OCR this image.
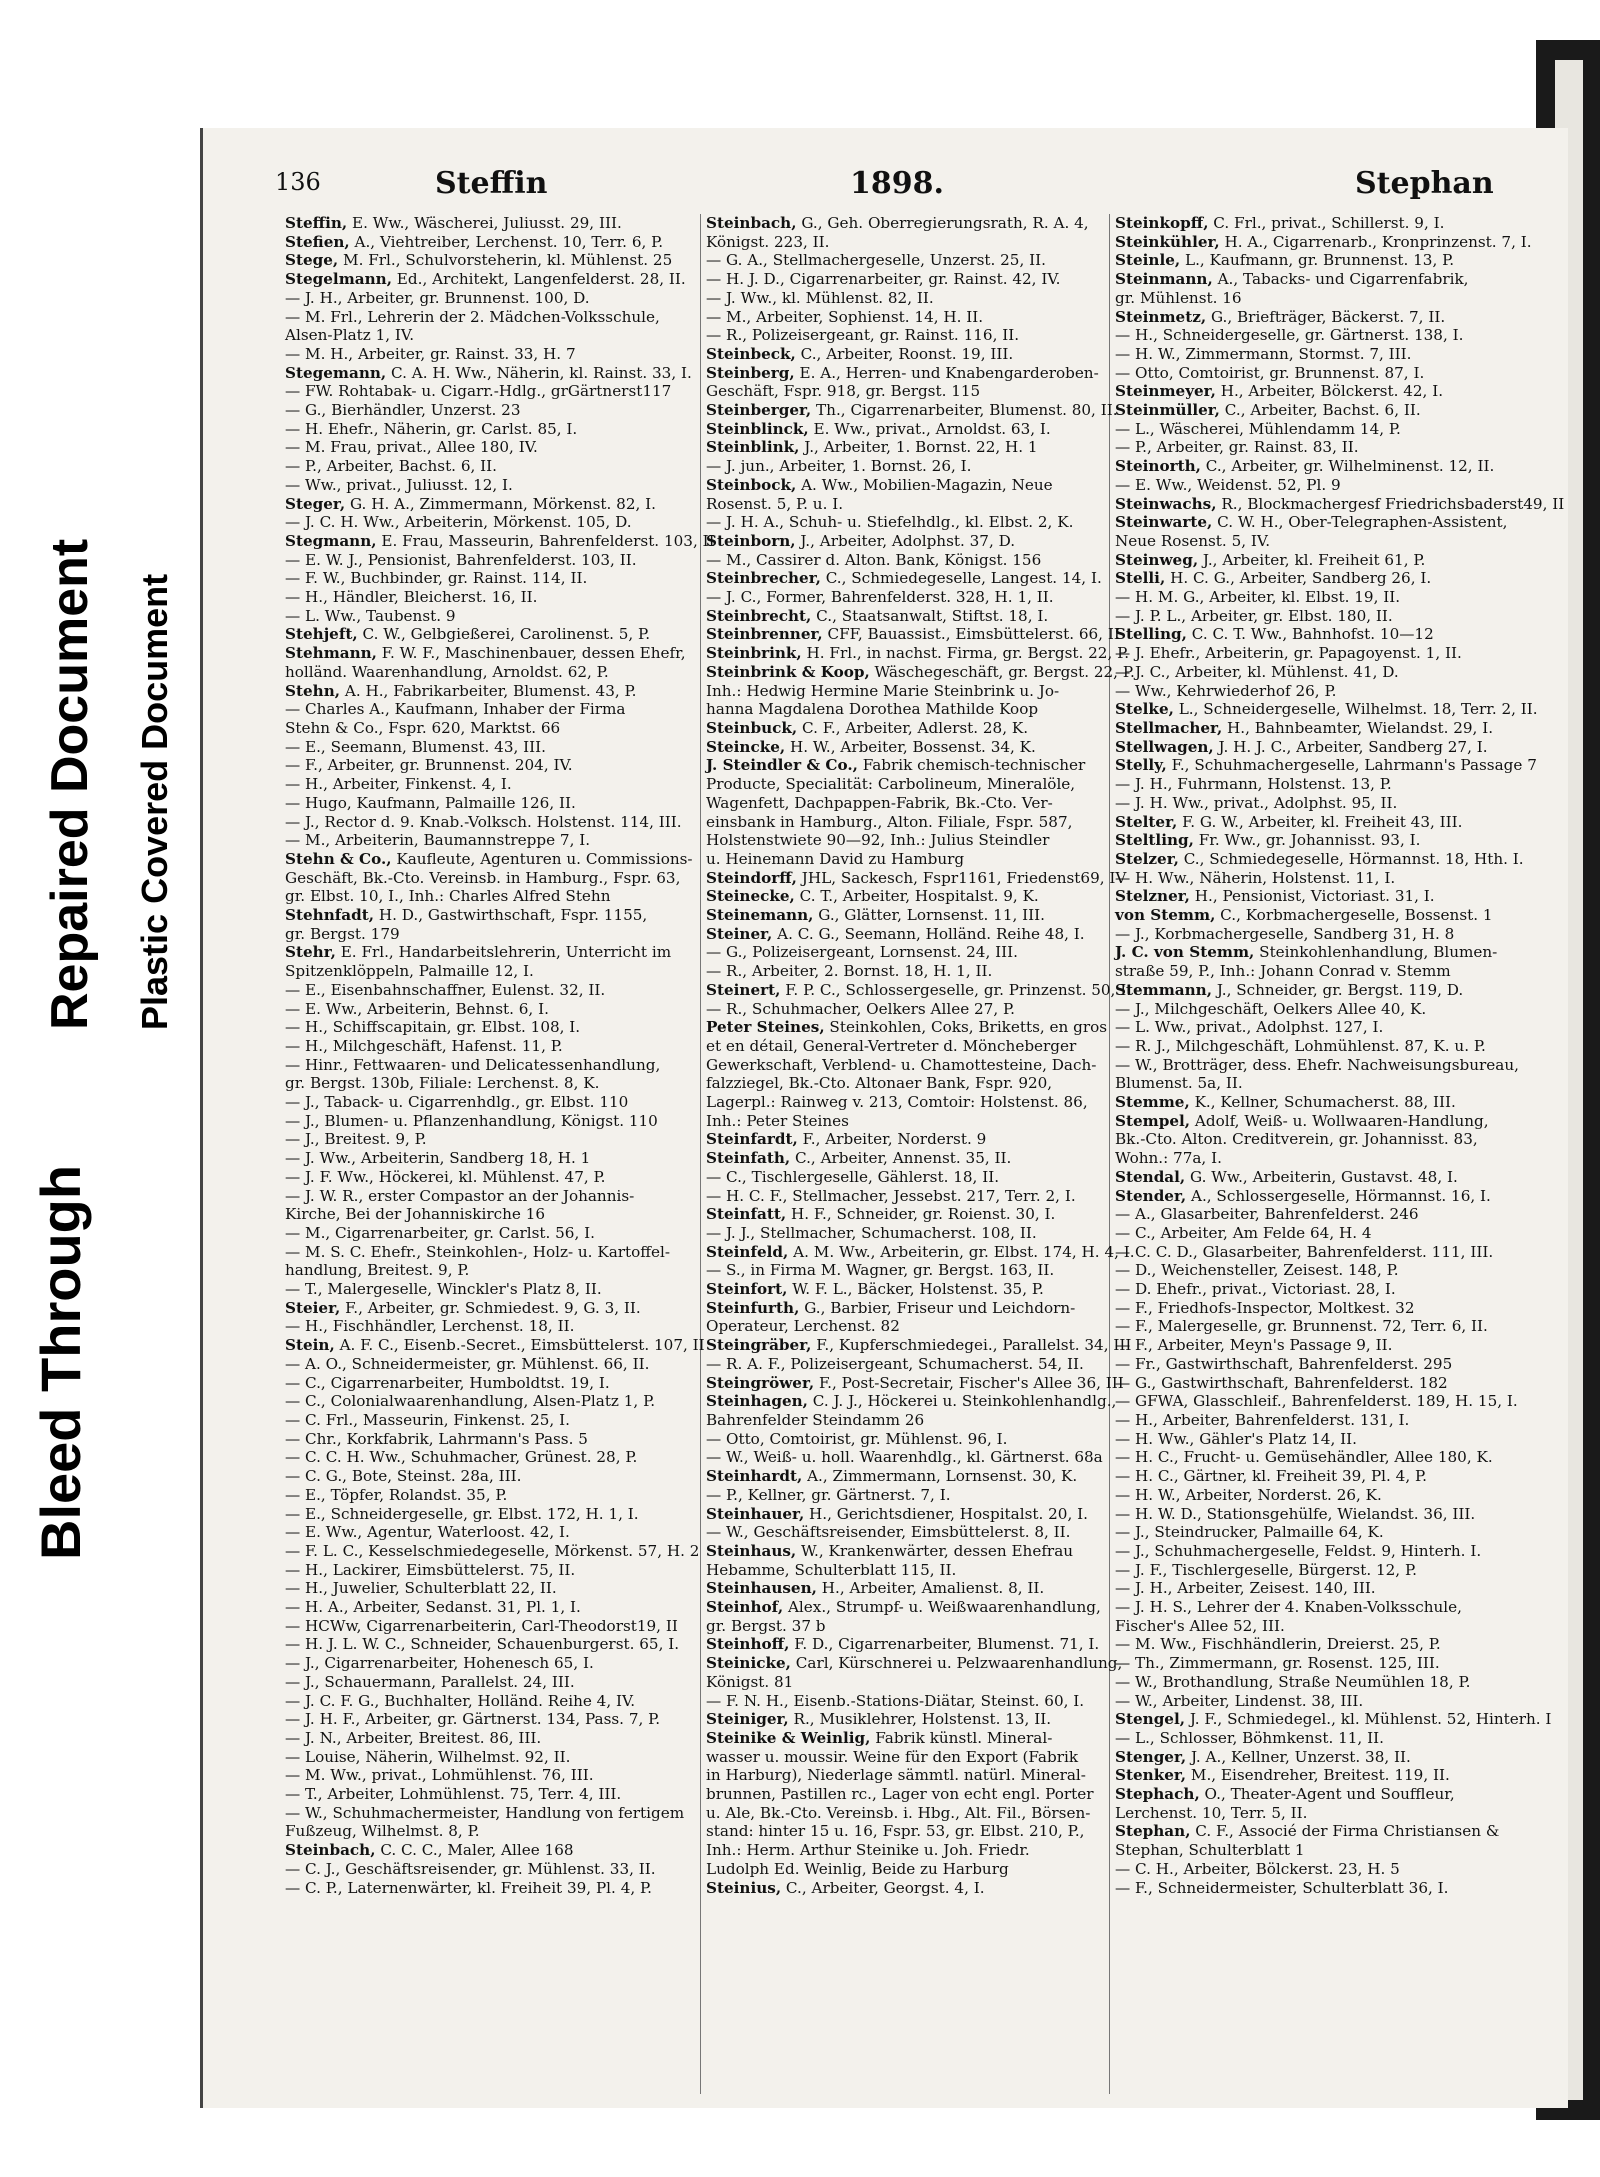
Bleed Through
Repaired Document Plastic Covered Document
136	Steffin	1898.	Stephan
Steffin, E. Ww., Wäscherei, Juliusst. 29, III.
Stefien, A., Viehtreiber, Lerchenst. 10, Terr. 6, P.
Stege, M. Frl., Schulvorsteherin, kl. Mühlenst. 25
Stegelmann, Ed., Architekt, Langenfelderst. 28, II.
— J. H., Arbeiter, gr. Brunnenst. 100, D.
— M. Frl., Lehrerin der 2. Mädchen-Volksschule,
Alsen-Platz 1, IV.
— M. H., Arbeiter, gr. Rainst. 33, H. 7
Stegemann, C. A. H. Ww., Näherin, kl. Rainst. 33, I.
— FW. Rohtabak- u. Cigarr.-Hdlg., grGärtnerst117
— G., Bierhändler, Unzerst. 23
— H. Ehefr., Näherin, gr. Carlst. 85, I.
— M. Frau, privat., Allee 180, IV.
— P., Arbeiter, Bachst. 6, II.
— Ww., privat., Juliusst. 12, I.
Steger, G. H. A., Zimmermann, Mörkenst. 82, I.
— J. C. H. Ww., Arbeiterin, Mörkenst. 105, D.
Stegmann, E. Frau, Masseurin, Bahrenfelderst. 103, II
— E. W. J., Pensionist, Bahrenfelderst. 103, II.
— F. W., Buchbinder, gr. Rainst. 114, II.
— H., Händler, Bleicherst. 16, II.
— L. Ww., Taubenst. 9
Stehjeft, C. W., Gelbgießerei, Carolinenst. 5, P.
Stehmann, F. W. F., Maschinenbauer, dessen Ehefr,
holländ. Waarenhandlung, Arnoldst. 62, P.
Stehn, A. H., Fabrikarbeiter, Blumenst. 43, P.
— Charles A., Kaufmann, Inhaber der Firma
Stehn & Co., Fspr. 620, Marktst. 66
— E., Seemann, Blumenst. 43, III.
— F., Arbeiter, gr. Brunnenst. 204, IV.
— H., Arbeiter, Finkenst. 4, I.
— Hugo, Kaufmann, Palmaille 126, II.
— J., Rector d. 9. Knab.-Volksch. Holstenst. 114, III.
— M., Arbeiterin, Baumannstreppe 7, I.
Stehn & Co., Kaufleute, Agenturen u. Commissions-
Geschäft, Bk.-Cto. Vereinsb. in Hamburg., Fspr. 63,
gr. Elbst. 10, I., Inh.: Charles Alfred Stehn
Stehnfadt, H. D., Gastwirthschaft, Fspr. 1155,
gr. Bergst. 179
Stehr, E. Frl., Handarbeitslehrerin, Unterricht im
Spitzenklöppeln, Palmaille 12, I.
— E., Eisenbahnschaffner, Eulenst. 32, II.
— E. Ww., Arbeiterin, Behnst. 6, I.
— H., Schiffscapitain, gr. Elbst. 108, I.
— H., Milchgeschäft, Hafenst. 11, P.
— Hinr., Fettwaaren- und Delicatessenhandlung,
gr. Bergst. 130b, Filiale: Lerchenst. 8, K.
— J., Taback- u. Cigarrenhdlg., gr. Elbst. 110
— J., Blumen- u. Pflanzenhandlung, Königst. 110
— J., Breitest. 9, P.
— J. Ww., Arbeiterin, Sandberg 18, H. 1
— J. F. Ww., Höckerei, kl. Mühlenst. 47, P.
— J. W. R., erster Compastor an der Johannis-
Kirche, Bei der Johanniskirche 16
— M., Cigarrenarbeiter, gr. Carlst. 56, I.
— M. S. C. Ehefr., Steinkohlen-, Holz- u. Kartoffel-
handlung, Breitest. 9, P.
— T., Malergeselle, Winckler's Platz 8, II.
Steier, F., Arbeiter, gr. Schmiedest. 9, G. 3, II.
— H., Fischhändler, Lerchenst. 18, II.
Stein, A. F. C., Eisenb.-Secret., Eimsbüttelerst. 107, II
— A. O., Schneidermeister, gr. Mühlenst. 66, II.
— C., Cigarrenarbeiter, Humboldtst. 19, I.
— C., Colonialwaarenhandlung, Alsen-Platz 1, P.
— C. Frl., Masseurin, Finkenst. 25, I.
— Chr., Korkfabrik, Lahrmann's Pass. 5
— C. C. H. Ww., Schuhmacher, Grünest. 28, P.
— C. G., Bote, Steinst. 28a, III.
— E., Töpfer, Rolandst. 35, P.
— E., Schneidergeselle, gr. Elbst. 172, H. 1, I.
— E. Ww., Agentur, Waterloost. 42, I.
— F. L. C., Kesselschmiedegeselle, Mörkenst. 57, H. 2
— H., Lackirer, Eimsbüttelerst. 75, II.
— H., Juwelier, Schulterblatt 22, II.
— H. A., Arbeiter, Sedanst. 31, Pl. 1, I.
— HCWw, Cigarrenarbeiterin, Carl-Theodorst19, II
— H. J. L. W. C., Schneider, Schauenburgerst. 65, I.
— J., Cigarrenarbeiter, Hohenesch 65, I.
— J., Schauermann, Parallelst. 24, III.
— J. C. F. G., Buchhalter, Holländ. Reihe 4, IV.
— J. H. F., Arbeiter, gr. Gärtnerst. 134, Pass. 7, P.
— J. N., Arbeiter, Breitest. 86, III.
— Louise, Näherin, Wilhelmst. 92, II.
— M. Ww., privat., Lohmühlenst. 76, III.
— T., Arbeiter, Lohmühlenst. 75, Terr. 4, III.
— W., Schuhmachermeister, Handlung von fertigem
Fußzeug, Wilhelmst. 8, P.
Steinbach, C. C. C., Maler, Allee 168
— C. J., Geschäftsreisender, gr. Mühlenst. 33, II.
— C. P., Laternenwärter, kl. Freiheit 39, Pl. 4, P.
Steinbach, G., Geh. Oberregierungsrath, R. A. 4,
Königst. 223, II.
— G. A., Stellmachergeselle, Unzerst. 25, II.
— H. J. D., Cigarrenarbeiter, gr. Rainst. 42, IV.
— J. Ww., kl. Mühlenst. 82, II.
— M., Arbeiter, Sophienst. 14, H. II.
— R., Polizeisergeant, gr. Rainst. 116, II.
Steinbeck, C., Arbeiter, Roonst. 19, III.
Steinberg, E. A., Herren- und Knabengarderoben-
Geschäft, Fspr. 918, gr. Bergst. 115
Steinberger, Th., Cigarrenarbeiter, Blumenst. 80, II.
Steinblinck, E. Ww., privat., Arnoldst. 63, I.
Steinblink, J., Arbeiter, 1. Bornst. 22, H. 1
— J. jun., Arbeiter, 1. Bornst. 26, I.
Steinbock, A. Ww., Mobilien-Magazin, Neue
Rosenst. 5, P. u. I.
— J. H. A., Schuh- u. Stiefelhdlg., kl. Elbst. 2, K.
Steinborn, J., Arbeiter, Adolphst. 37, D.
— M., Cassirer d. Alton. Bank, Königst. 156
Steinbrecher, C., Schmiedegeselle, Langest. 14, I.
— J. C., Former, Bahrenfelderst. 328, H. 1, II.
Steinbrecht, C., Staatsanwalt, Stiftst. 18, I.
Steinbrenner, CFF, Bauassist., Eimsbüttelerst. 66, II
Steinbrink, H. Frl., in nachst. Firma, gr. Bergst. 22, P.
Steinbrink & Koop, Wäschegeschäft, gr. Bergst. 22, P.
Inh.: Hedwig Hermine Marie Steinbrink u. Jo-
hanna Magdalena Dorothea Mathilde Koop
Steinbuck, C. F., Arbeiter, Adlerst. 28, K.
Steincke, H. W., Arbeiter, Bossenst. 34, K.
J. Steindler & Co., Fabrik chemisch-technischer
Producte, Specialität: Carbolineum, Mineralöle,
Wagenfett, Dachpappen-Fabrik, Bk.-Cto. Ver-
einsbank in Hamburg., Alton. Filiale, Fspr. 587,
Holstenstwiete 90—92, Inh.: Julius Steindler
u. Heinemann David zu Hamburg
Steindorff, JHL, Sackesch, Fspr1161, Friedenst69, IV
Steinecke, C. T., Arbeiter, Hospitalst. 9, K.
Steinemann, G., Glätter, Lornsenst. 11, III.
Steiner, A. C. G., Seemann, Holländ. Reihe 48, I.
— G., Polizeisergeant, Lornsenst. 24, III.
— R., Arbeiter, 2. Bornst. 18, H. 1, II.
Steinert, F. P. C., Schlossergeselle, gr. Prinzenst. 50, I.
— R., Schuhmacher, Oelkers Allee 27, P.
Peter Steines, Steinkohlen, Coks, Briketts, en gros
et en détail, General-Vertreter d. Möncheberger
Gewerkschaft, Verblend- u. Chamottesteine, Dach-
falzziegel, Bk.-Cto. Altonaer Bank, Fspr. 920,
Lagerpl.: Rainweg v. 213, Comtoir: Holstenst. 86,
Inh.: Peter Steines
Steinfardt, F., Arbeiter, Norderst. 9
Steinfath, C., Arbeiter, Annenst. 35, II.
— C., Tischlergeselle, Gählerst. 18, II.
— H. C. F., Stellmacher, Jessebst. 217, Terr. 2, I.
Steinfatt, H. F., Schneider, gr. Roienst. 30, I.
— J. J., Stellmacher, Schumacherst. 108, II.
Steinfeld, A. M. Ww., Arbeiterin, gr. Elbst. 174, H. 4, I.
— S., in Firma M. Wagner, gr. Bergst. 163, II.
Steinfort, W. F. L., Bäcker, Holstenst. 35, P.
Steinfurth, G., Barbier, Friseur und Leichdorn-
Operateur, Lerchenst. 82
Steingräber, F., Kupferschmiedegei., Parallelst. 34, III
— R. A. F., Polizeisergeant, Schumacherst. 54, II.
Steingröwer, F., Post-Secretair, Fischer's Allee 36, III
Steinhagen, C. J. J., Höckerei u. Steinkohlenhandlg.,
Bahrenfelder Steindamm 26
— Otto, Comtoirist, gr. Mühlenst. 96, I.
— W., Weiß- u. holl. Waarenhdlg., kl. Gärtnerst. 68a
Steinhardt, A., Zimmermann, Lornsenst. 30, K.
— P., Kellner, gr. Gärtnerst. 7, I.
Steinhauer, H., Gerichtsdiener, Hospitalst. 20, I.
— W., Geschäftsreisender, Eimsbüttelerst. 8, II.
Steinhaus, W., Krankenwärter, dessen Ehefrau
Hebamme, Schulterblatt 115, II.
Steinhausen, H., Arbeiter, Amalienst. 8, II.
Steinhof, Alex., Strumpf- u. Weißwaarenhandlung,
gr. Bergst. 37 b
Steinhoff, F. D., Cigarrenarbeiter, Blumenst. 71, I.
Steinicke, Carl, Kürschnerei u. Pelzwaarenhandlung,
Königst. 81
— F. N. H., Eisenb.-Stations-Diätar, Steinst. 60, I.
Steiniger, R., Musiklehrer, Holstenst. 13, II.
Steinike & Weinlig, Fabrik künstl. Mineral-
wasser u. moussir. Weine für den Export (Fabrik
in Harburg), Niederlage sämmtl. natürl. Mineral-
brunnen, Pastillen rc., Lager von echt engl. Porter
u. Ale, Bk.-Cto. Vereinsb. i. Hbg., Alt. Fil., Börsen-
stand: hinter 15 u. 16, Fspr. 53, gr. Elbst. 210, P.,
Inh.: Herm. Arthur Steinike u. Joh. Friedr.
Ludolph Ed. Weinlig, Beide zu Harburg
Steinius, C., Arbeiter, Georgst. 4, I.
Steinkopff, C. Frl., privat., Schillerst. 9, I.
Steinkühler, H. A., Cigarrenarb., Kronprinzenst. 7, I.
Steinle, L., Kaufmann, gr. Brunnenst. 13, P.
Steinmann, A., Tabacks- und Cigarrenfabrik,
gr. Mühlenst. 16
Steinmetz, G., Briefträger, Bäckerst. 7, II.
— H., Schneidergeselle, gr. Gärtnerst. 138, I.
— H. W., Zimmermann, Stormst. 7, III.
— Otto, Comtoirist, gr. Brunnenst. 87, I.
Steinmeyer, H., Arbeiter, Bölckerst. 42, I.
Steinmüller, C., Arbeiter, Bachst. 6, II.
— L., Wäscherei, Mühlendamm 14, P.
— P., Arbeiter, gr. Rainst. 83, II.
Steinorth, C., Arbeiter, gr. Wilhelminenst. 12, II.
— E. Ww., Weidenst. 52, Pl. 9
Steinwachs, R., Blockmachergesf Friedrichsbaderst49, II
Steinwarte, C. W. H., Ober-Telegraphen-Assistent,
Neue Rosenst. 5, IV.
Steinweg, J., Arbeiter, kl. Freiheit 61, P.
Stelli, H. C. G., Arbeiter, Sandberg 26, I.
— H. M. G., Arbeiter, kl. Elbst. 19, II.
— J. P. L., Arbeiter, gr. Elbst. 180, II.
Stelling, C. C. T. Ww., Bahnhofst. 10—12
— J. Ehefr., Arbeiterin, gr. Papagoyenst. 1, II.
— J. C., Arbeiter, kl. Mühlenst. 41, D.
— Ww., Kehrwiederhof 26, P.
Stelke, L., Schneidergeselle, Wilhelmst. 18, Terr. 2, II.
Stellmacher, H., Bahnbeamter, Wielandst. 29, I.
Stellwagen, J. H. J. C., Arbeiter, Sandberg 27, I.
Stelly, F., Schuhmachergeselle, Lahrmann's Passage 7
— J. H., Fuhrmann, Holstenst. 13, P.
— J. H. Ww., privat., Adolphst. 95, II.
Stelter, F. G. W., Arbeiter, kl. Freiheit 43, III.
Steltling, Fr. Ww., gr. Johannisst. 93, I.
Stelzer, C., Schmiedegeselle, Hörmannst. 18, Hth. I.
— H. Ww., Näherin, Holstenst. 11, I.
Stelzner, H., Pensionist, Victoriast. 31, I.
von Stemm, C., Korbmachergeselle, Bossenst. 1
— J., Korbmachergeselle, Sandberg 31, H. 8
J. C. von Stemm, Steinkohlenhandlung, Blumen-
straße 59, P., Inh.: Johann Conrad v. Stemm
Stemmann, J., Schneider, gr. Bergst. 119, D.
— J., Milchgeschäft, Oelkers Allee 40, K.
— L. Ww., privat., Adolphst. 127, I.
— R. J., Milchgeschäft, Lohmühlenst. 87, K. u. P.
— W., Brotträger, dess. Ehefr. Nachweisungsbureau,
Blumenst. 5a, II.
Stemme, K., Kellner, Schumacherst. 88, III.
Stempel, Adolf, Weiß- u. Wollwaaren-Handlung,
Bk.-Cto. Alton. Creditverein, gr. Johannisst. 83,
Wohn.: 77a, I.
Stendal, G. Ww., Arbeiterin, Gustavst. 48, I.
Stender, A., Schlossergeselle, Hörmannst. 16, I.
— A., Glasarbeiter, Bahrenfelderst. 246
— C., Arbeiter, Am Felde 64, H. 4
— C. C. D., Glasarbeiter, Bahrenfelderst. 111, III.
— D., Weichensteller, Zeisest. 148, P.
— D. Ehefr., privat., Victoriast. 28, I.
— F., Friedhofs-Inspector, Moltkest. 32
— F., Malergeselle, gr. Brunnenst. 72, Terr. 6, II.
— F., Arbeiter, Meyn's Passage 9, II.
— Fr., Gastwirthschaft, Bahrenfelderst. 295
— G., Gastwirthschaft, Bahrenfelderst. 182
— GFWA, Glasschleif., Bahrenfelderst. 189, H. 15, I.
— H., Arbeiter, Bahrenfelderst. 131, I.
— H. Ww., Gähler's Platz 14, II.
— H. C., Frucht- u. Gemüsehändler, Allee 180, K.
— H. C., Gärtner, kl. Freiheit 39, Pl. 4, P.
— H. W., Arbeiter, Norderst. 26, K.
— H. W. D., Stationsgehülfe, Wielandst. 36, III.
— J., Steindrucker, Palmaille 64, K.
— J., Schuhmachergeselle, Feldst. 9, Hinterh. I.
— J. F., Tischlergeselle, Bürgerst. 12, P.
— J. H., Arbeiter, Zeisest. 140, III.
— J. H. S., Lehrer der 4. Knaben-Volksschule,
Fischer's Allee 52, III.
— M. Ww., Fischhändlerin, Dreierst. 25, P.
— Th., Zimmermann, gr. Rosenst. 125, III.
— W., Brothandlung, Straße Neumühlen 18, P.
— W., Arbeiter, Lindenst. 38, III.
Stengel, J. F., Schmiedegel., kl. Mühlenst. 52, Hinterh. I
— L., Schlosser, Böhmkenst. 11, II.
Stenger, J. A., Kellner, Unzerst. 38, II.
Stenker, M., Eisendreher, Breitest. 119, II.
Stephach, O., Theater-Agent und Souffleur,
Lerchenst. 10, Terr. 5, II.
Stephan, C. F., Associé der Firma Christiansen &
Stephan, Schulterblatt 1
— C. H., Arbeiter, Bölckerst. 23, H. 5
— F., Schneidermeister, Schulterblatt 36, I.
